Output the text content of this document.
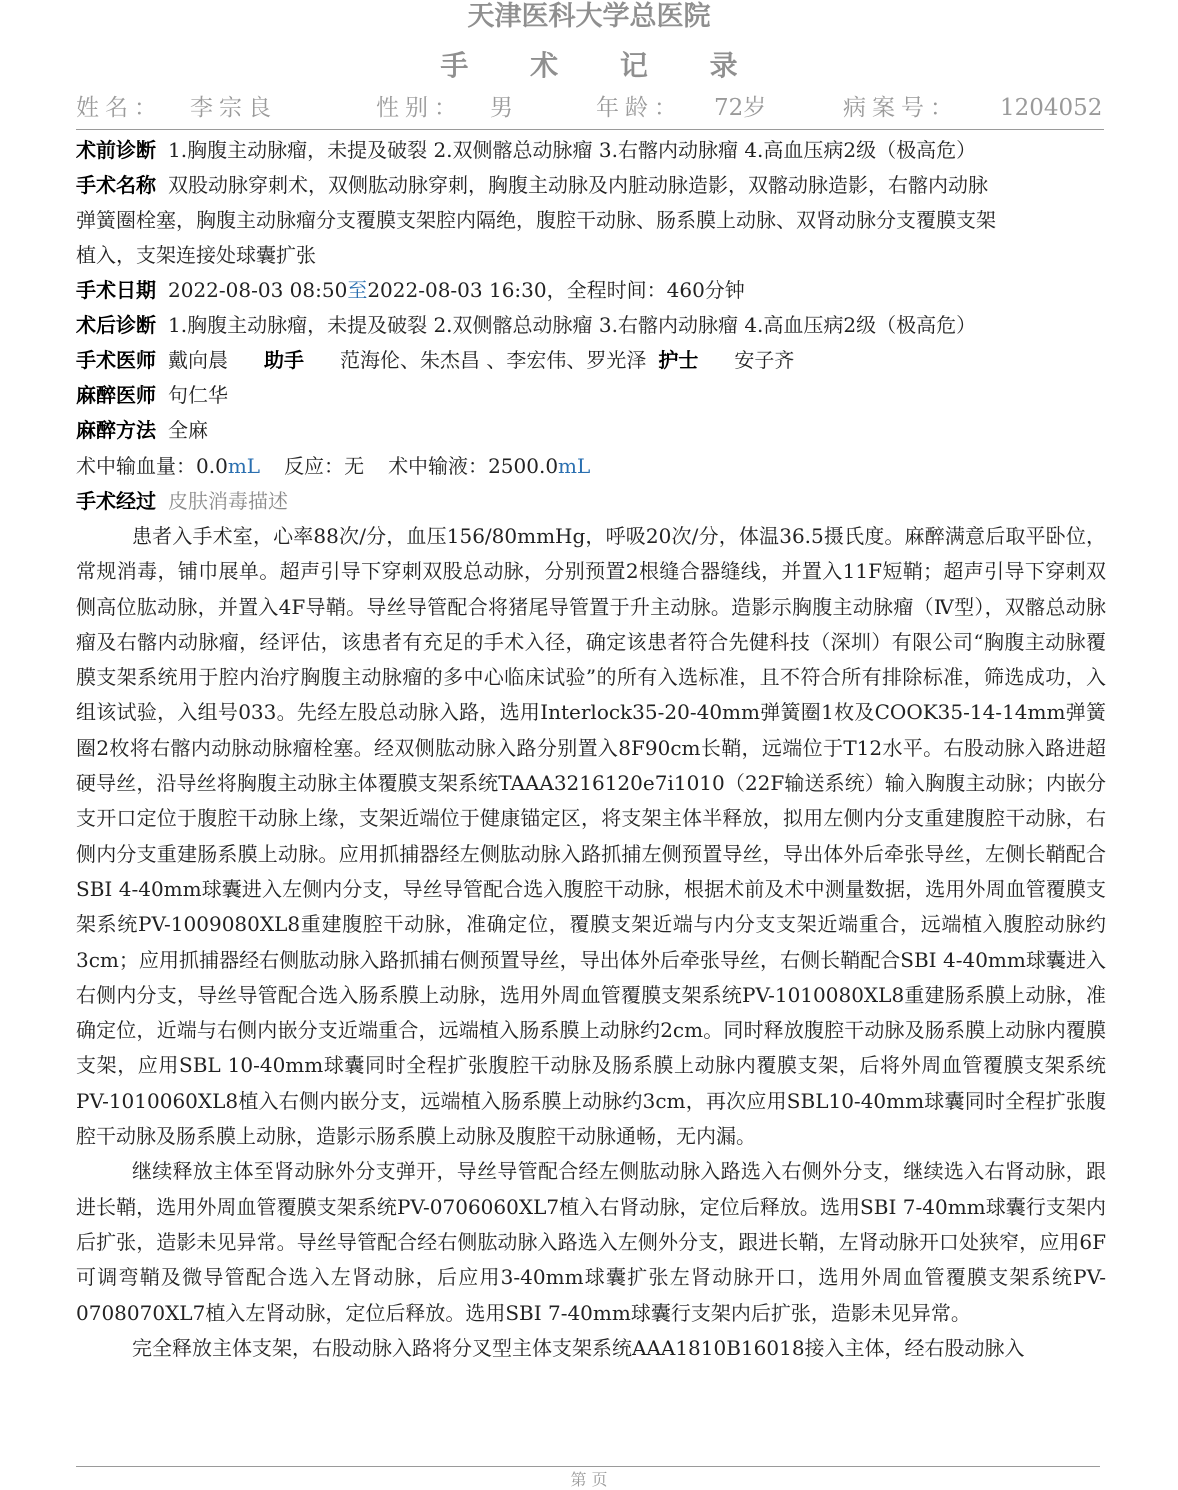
天津医科大学总医院
手 术 记 录
姓名： 李宗良	性别： 男	年龄： 72岁	病案号： 1204052
术前诊断 1.胸腹主动脉瘤，未提及破裂 2.双侧髂总动脉瘤 3.右髂内动脉瘤 4.高血压病2级（极高危）
手术名称 双股动脉穿刺术，双侧肱动脉穿刺，胸腹主动脉及内脏动脉造影，双髂动脉造影，右髂内动脉
弹簧圈栓塞，胸腹主动脉瘤分支覆膜支架腔内隔绝，腹腔干动脉、肠系膜上动脉、双肾动脉分支覆膜支架
植入，支架连接处球囊扩张
手术日期 2022-08-03 08:50至2022-08-03 16:30，全程时间：460分钟
术后诊断 1.胸腹主动脉瘤，未提及破裂 2.双侧髂总动脉瘤 3.右髂内动脉瘤 4.高血压病2级（极高危）
手术医师 戴向晨 助手 范海伦、朱杰昌 、李宏伟、罗光泽 护士 安子齐
麻醉医师 句仁华
麻醉方法 全麻
术中输血量：0.0mL 反应：无 术中输液：2500.0mL
手术经过 皮肤消毒描述

患者入手术室，心率88次/分，血压156/80mmHg，呼吸20次/分，体温36.5摄氏度。麻醉满意后取平卧位，常规消毒，铺巾展单。超声引导下穿刺双股总动脉，分别预置2根缝合器缝线，并置入11F短鞘；超声引导下穿刺双侧高位肱动脉，并置入4F导鞘。导丝导管配合将猪尾导管置于升主动脉。造影示胸腹主动脉瘤（Ⅳ型），双髂总动脉瘤及右髂内动脉瘤，经评估，该患者有充足的手术入径，确定该患者符合先健科技（深圳）有限公司“胸腹主动脉覆膜支架系统用于腔内治疗胸腹主动脉瘤的多中心临床试验”的所有入选标准，且不符合所有排除标准，筛选成功，入组该试验，入组号033。先经左股总动脉入路，选用Interlock35-20-40mm弹簧圈1枚及COOK35-14-14mm弹簧圈2枚将右髂内动脉动脉瘤栓塞。经双侧肱动脉入路分别置入8F90cm长鞘，远端位于T12水平。右股动脉入路进超硬导丝，沿导丝将胸腹主动脉主体覆膜支架系统TAAA3216120e7i1010（22F输送系统）输入胸腹主动脉；内嵌分支开口定位于腹腔干动脉上缘，支架近端位于健康锚定区，将支架主体半释放，拟用左侧内分支重建腹腔干动脉，右侧内分支重建肠系膜上动脉。应用抓捕器经左侧肱动脉入路抓捕左侧预置导丝，导出体外后牵张导丝，左侧长鞘配合SBI 4-40mm球囊进入左侧内分支，导丝导管配合选入腹腔干动脉，根据术前及术中测量数据，选用外周血管覆膜支架系统PV-1009080XL8重建腹腔干动脉，准确定位，覆膜支架近端与内分支支架近端重合，远端植入腹腔动脉约3cm；应用抓捕器经右侧肱动脉入路抓捕右侧预置导丝，导出体外后牵张导丝，右侧长鞘配合SBI 4-40mm球囊进入右侧内分支，导丝导管配合选入肠系膜上动脉，选用外周血管覆膜支架系统PV-1010080XL8重建肠系膜上动脉，准确定位，近端与右侧内嵌分支近端重合，远端植入肠系膜上动脉约2cm。同时释放腹腔干动脉及肠系膜上动脉内覆膜支架，应用SBL 10-40mm球囊同时全程扩张腹腔干动脉及肠系膜上动脉内覆膜支架，后将外周血管覆膜支架系统PV-1010060XL8植入右侧内嵌分支，远端植入肠系膜上动脉约3cm，再次应用SBL10-40mm球囊同时全程扩张腹腔干动脉及肠系膜上动脉，造影示肠系膜上动脉及腹腔干动脉通畅，无内漏。

继续释放主体至肾动脉外分支弹开，导丝导管配合经左侧肱动脉入路选入右侧外分支，继续选入右肾动脉，跟进长鞘，选用外周血管覆膜支架系统PV-0706060XL7植入右肾动脉，定位后释放。选用SBI 7-40mm球囊行支架内后扩张，造影未见异常。导丝导管配合经右侧肱动脉入路选入左侧外分支，跟进长鞘，左肾动脉开口处狭窄，应用6F可调弯鞘及微导管配合选入左肾动脉，后应用3-40mm球囊扩张左肾动脉开口，选用外周血管覆膜支架系统PV-0708070XL7植入左肾动脉，定位后释放。选用SBI 7-40mm球囊行支架内后扩张，造影未见异常。

完全释放主体支架，右股动脉入路将分叉型主体支架系统AAA1810B16018接入主体，经右股动脉入

第 页
